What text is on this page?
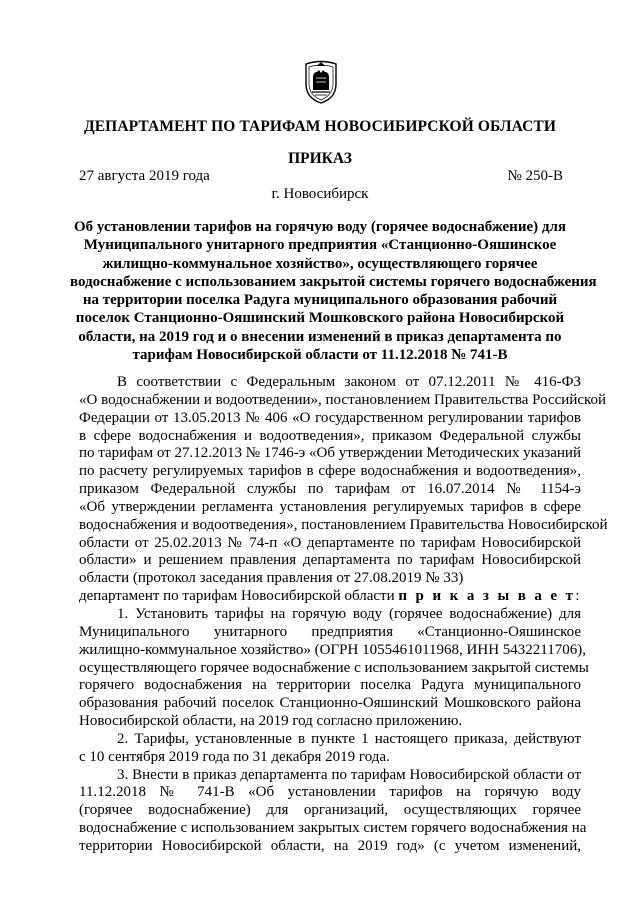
ДЕПАРТАМЕНТ ПО ТАРИФАМ НОВОСИБИРСКОЙ ОБЛАСТИ
ПРИКАЗ
27 августа 2019 года	№ 250-В
г. Новосибирск
Об установлении тарифов на горячую воду (горячее водоснабжение) для
Муниципального унитарного предприятия «Станционно-Ояшинское
жилищно-коммунальное хозяйство», осуществляющего горячее
водоснабжение с использованием закрытой системы горячего водоснабжения
на территории поселка Радуга муниципального образования рабочий
поселок Станционно-Ояшинский Мошковского района Новосибирской
области, на 2019 год и о внесении изменений в приказ департамента по
тарифам Новосибирской области от 11.12.2018 № 741-В
В соответствии с Федеральным законом от 07.12.2011 № 416-ФЗ
«О водоснабжении и водоотведении», постановлением Правительства Российской
Федерации от 13.05.2013 № 406 «О государственном регулировании тарифов
в сфере водоснабжения и водоотведения», приказом Федеральной службы
по тарифам от 27.12.2013 № 1746-э «Об утверждении Методических указаний
по расчету регулируемых тарифов в сфере водоснабжения и водоотведения»,
приказом Федеральной службы по тарифам от 16.07.2014 № 1154-э
«Об утверждении регламента установления регулируемых тарифов в сфере
водоснабжения и водоотведения», постановлением Правительства Новосибирской
области от 25.02.2013 № 74-п «О департаменте по тарифам Новосибирской
области» и решением правления департамента по тарифам Новосибирской
области (протокол заседания правления от 27.08.2019 № 33)
департамент по тарифам Новосибирской области п р и к а з ы в а е т:
1. Установить тарифы на горячую воду (горячее водоснабжение) для
Муниципального унитарного предприятия «Станционно-Ояшинское
жилищно-коммунальное хозяйство» (ОГРН 1055461011968, ИНН 5432211706),
осуществляющего горячее водоснабжение с использованием закрытой системы
горячего водоснабжения на территории поселка Радуга муниципального
образования рабочий поселок Станционно-Ояшинский Мошковского района
Новосибирской области, на 2019 год согласно приложению.
2. Тарифы, установленные в пункте 1 настоящего приказа, действуют
с 10 сентября 2019 года по 31 декабря 2019 года.
3. Внести в приказ департамента по тарифам Новосибирской области от
11.12.2018 № 741-В «Об установлении тарифов на горячую воду
(горячее водоснабжение) для организаций, осуществляющих горячее
водоснабжение с использованием закрытых систем горячего водоснабжения на
территории Новосибирской области, на 2019 год» (с учетом изменений,
